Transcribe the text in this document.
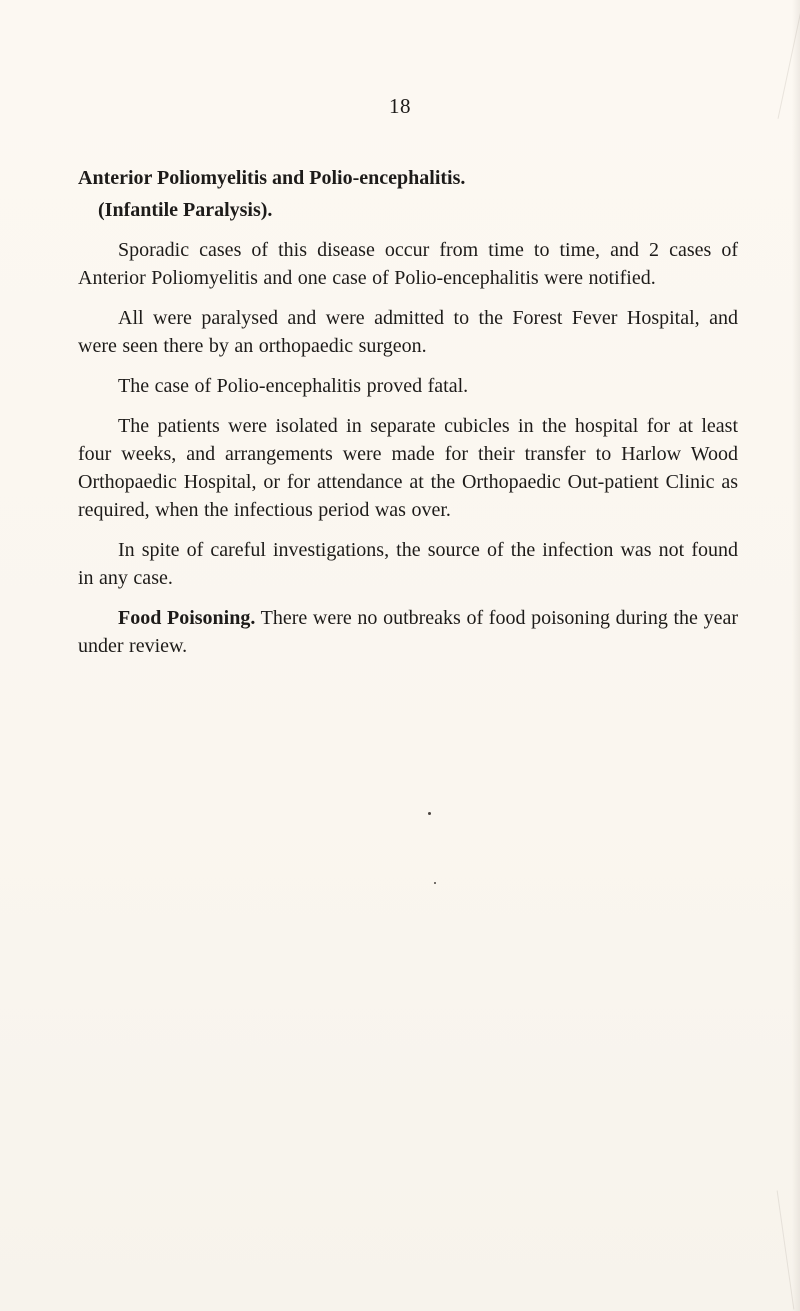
18
Anterior Poliomyelitis and Polio-encephalitis.
(Infantile Paralysis).

Sporadic cases of this disease occur from time to time, and 2 cases of Anterior Poliomyelitis and one case of Polio-encephalitis were notified.

All were paralysed and were admitted to the Forest Fever Hospital, and were seen there by an orthopaedic surgeon.

The case of Polio-encephalitis proved fatal.

The patients were isolated in separate cubicles in the hospital for at least four weeks, and arrangements were made for their transfer to Harlow Wood Orthopaedic Hospital, or for attendance at the Orthopaedic Out-patient Clinic as required, when the infectious period was over.

In spite of careful investigations, the source of the infection was not found in any case.

Food Poisoning. There were no outbreaks of food poisoning during the year under review.
